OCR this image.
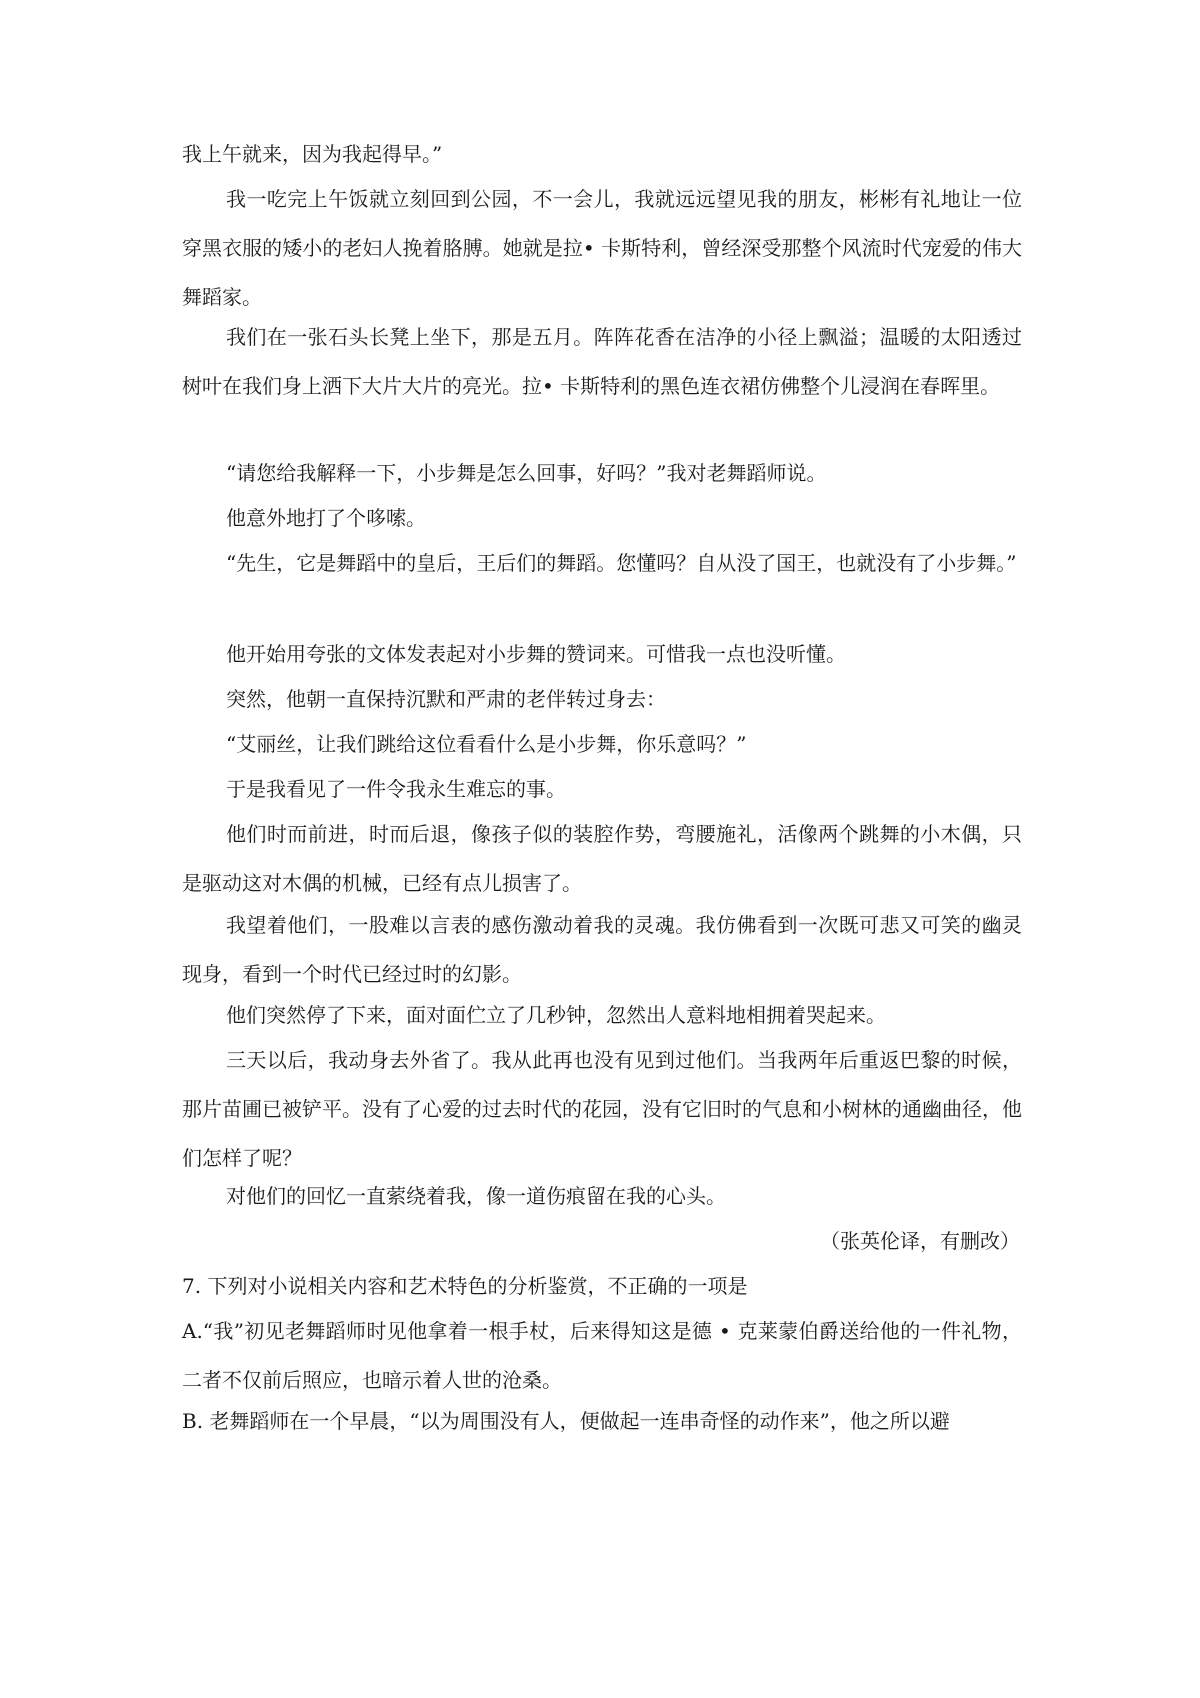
我上午就来，因为我起得早。”

我一吃完上午饭就立刻回到公园，不一会儿，我就远远望见我的朋友，彬彬有礼地让一位穿黑衣服的矮小的老妇人挽着胳膊。她就是拉• 卡斯特利，曾经深受那整个风流时代宠爱的伟大舞蹈家。

我们在一张石头长凳上坐下，那是五月。阵阵花香在洁净的小径上飘溢；温暖的太阳透过树叶在我们身上洒下大片大片的亮光。拉• 卡斯特利的黑色连衣裙仿佛整个儿浸润在春晖里。

“请您给我解释一下，小步舞是怎么回事，好吗？”我对老舞蹈师说。

他意外地打了个哆嗦。

“先生，它是舞蹈中的皇后，王后们的舞蹈。您懂吗？自从没了国王，也就没有了小步舞。”

他开始用夸张的文体发表起对小步舞的赞词来。可惜我一点也没听懂。

突然，他朝一直保持沉默和严肃的老伴转过身去：

“艾丽丝，让我们跳给这位看看什么是小步舞，你乐意吗？”

于是我看见了一件令我永生难忘的事。

他们时而前进，时而后退，像孩子似的装腔作势，弯腰施礼，活像两个跳舞的小木偶，只是驱动这对木偶的机械，已经有点儿损害了。

我望着他们，一股难以言表的感伤激动着我的灵魂。我仿佛看到一次既可悲又可笑的幽灵现身，看到一个时代已经过时的幻影。

他们突然停了下来，面对面伫立了几秒钟，忽然出人意料地相拥着哭起来。

三天以后，我动身去外省了。我从此再也没有见到过他们。当我两年后重返巴黎的时候，那片苗圃已被铲平。没有了心爱的过去时代的花园，没有它旧时的气息和小树林的通幽曲径，他们怎样了呢？

对他们的回忆一直萦绕着我，像一道伤痕留在我的心头。

（张英伦译，有删改）

7. 下列对小说相关内容和艺术特色的分析鉴赏，不正确的一项是

A.“我”初见老舞蹈师时见他拿着一根手杖，后来得知这是德 • 克莱蒙伯爵送给他的一件礼物，二者不仅前后照应，也暗示着人世的沧桑。

B. 老舞蹈师在一个早晨，“以为周围没有人，便做起一连串奇怪的动作来”，他之所以避
